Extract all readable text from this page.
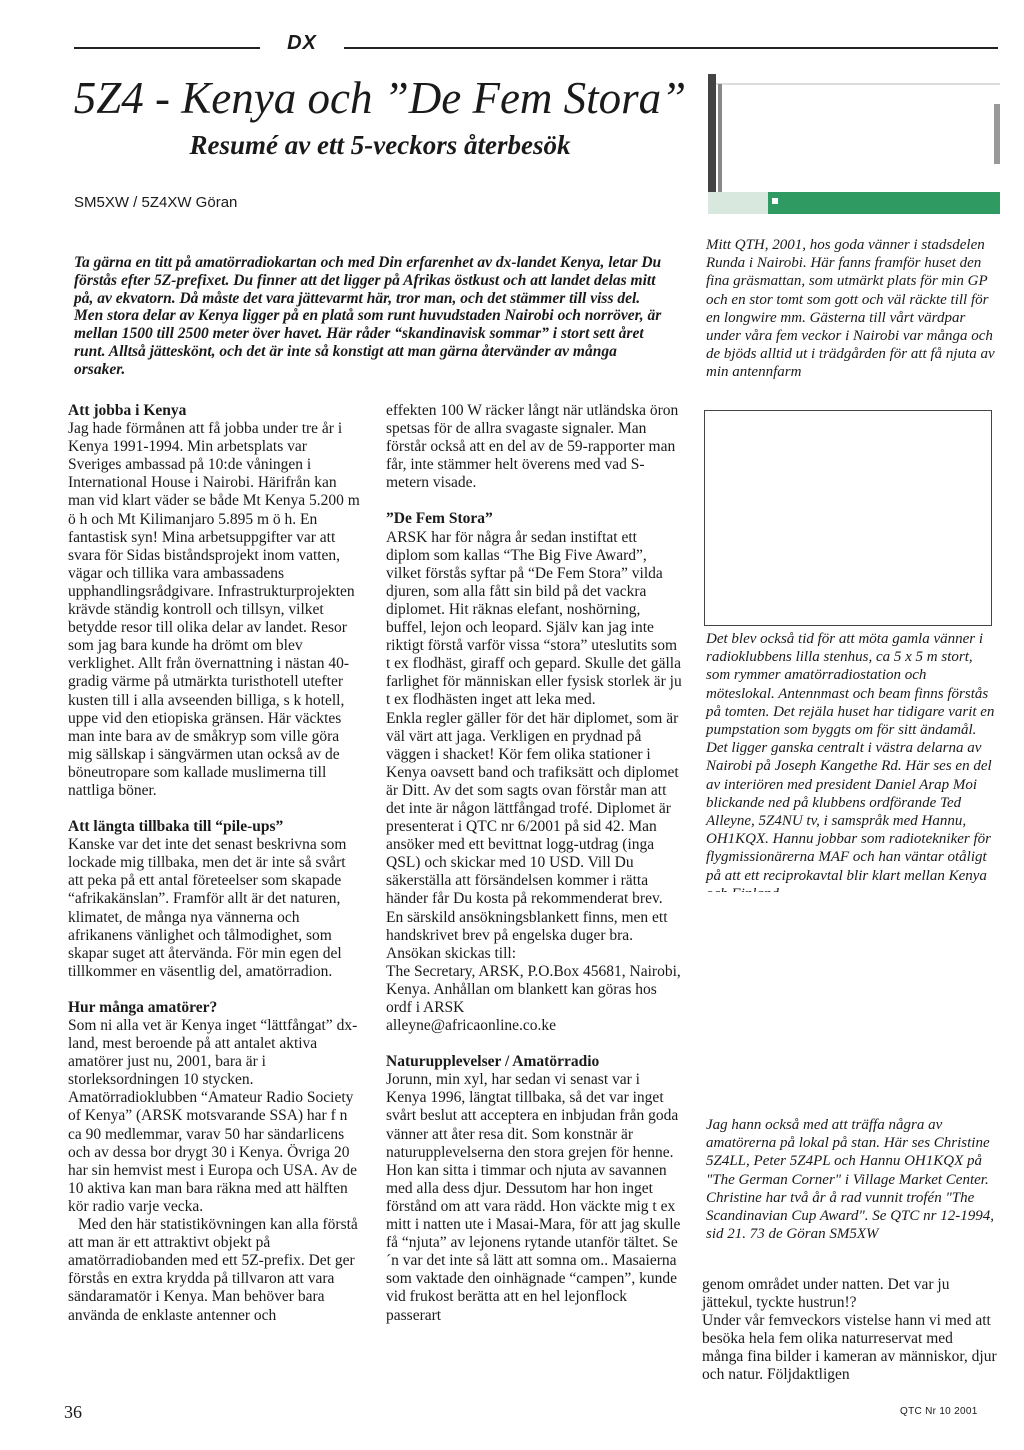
DX
5Z4 - Kenya och ”De Fem Stora”
Resumé av ett 5-veckors återbesök
SM5XW / 5Z4XW Göran
Ta gärna en titt på amatörradiokartan och med Din erfarenhet av dx-landet Kenya, letar Du förstås efter 5Z-prefixet. Du finner att det ligger på Afrikas östkust och att landet delas mitt på, av ekvatorn. Då måste det vara jättevarmt här, tror man, och det stämmer till viss del. Men stora delar av Kenya ligger på en platå som runt huvudstaden Nairobi och norröver, är mellan 1500 till 2500 meter över havet. Här råder “skandinavisk sommar” i stort sett året runt. Alltså jätteskönt, och det är inte så konstigt att man gärna återvänder av många orsaker.
Att jobba i Kenya

Jag hade förmånen att få jobba under tre år i Kenya 1991-1994. Min arbetsplats var Sveriges ambassad på 10:de våningen i International House i Nairobi. Härifrån kan man vid klart väder se både Mt Kenya 5.200 m ö h och Mt Kilimanjaro 5.895 m ö h. En fantastisk syn! Mina arbetsuppgifter var att svara för Sidas biståndsprojekt inom vatten, vägar och tillika vara ambassadens upphandlingsrådgivare. Infrastrukturprojekten krävde ständig kontroll och tillsyn, vilket betydde resor till olika delar av landet. Resor som jag bara kunde ha drömt om blev verklighet. Allt från övernattning i nästan 40-gradig värme på utmärkta turisthotell utefter kusten till i alla avseenden billiga, s k hotell, uppe vid den etiopiska gränsen. Här väcktes man inte bara av de småkryp som ville göra mig sällskap i sängvärmen utan också av de böneutropare som kallade muslimerna till nattliga böner.

Att längta tillbaka till “pile-ups”

Kanske var det inte det senast beskrivna som lockade mig tillbaka, men det är inte så svårt att peka på ett antal företeelser som skapade “afrikakänslan”. Framför allt är det naturen, klimatet, de många nya vännerna och afrikanens vänlighet och tålmodighet, som skapar suget att återvända. För min egen del tillkommer en väsentlig del, amatörradion.

Hur många amatörer?

Som ni alla vet är Kenya inget “lättfångat” dx-land, mest beroende på att antalet aktiva amatörer just nu, 2001, bara är i storleksordningen 10 stycken. Amatörradioklubben “Amateur Radio Society of Kenya” (ARSK motsvarande SSA) har f n ca 90 medlemmar, varav 50 har sändarlicens och av dessa bor drygt 30 i Kenya. Övriga 20 har sin hemvist mest i Europa och USA. Av de 10 aktiva kan man bara räkna med att hälften kör radio varje vecka.

Med den här statistikövningen kan alla förstå att man är ett attraktivt objekt på amatörradiobanden med ett 5Z-prefix. Det ger förstås en extra krydda på tillvaron att vara sändaramatör i Kenya. Man behöver bara använda de enklaste antenner och

effekten 100 W räcker långt när utländska öron spetsas för de allra svagaste signaler. Man förstår också att en del av de 59-rapporter man får, inte stämmer helt överens med vad S-metern visade.

”De Fem Stora”

ARSK har för några år sedan instiftat ett diplom som kallas “The Big Five Award”, vilket förstås syftar på “De Fem Stora” vilda djuren, som alla fått sin bild på det vackra diplomet. Hit räknas elefant, noshörning, buffel, lejon och leopard. Själv kan jag inte riktigt förstå varför vissa “stora” uteslutits som t ex flodhäst, giraff och gepard. Skulle det gälla farlighet för människan eller fysisk storlek är ju t ex flodhästen inget att leka med.

Enkla regler gäller för det här diplomet, som är väl värt att jaga. Verkligen en prydnad på väggen i shacket! Kör fem olika stationer i Kenya oavsett band och trafiksätt och diplomet är Ditt. Av det som sagts ovan förstår man att det inte är någon lättfångad trofé. Diplomet är presenterat i QTC nr 6/2001 på sid 42. Man ansöker med ett bevittnat logg-utdrag (inga QSL) och skickar med 10 USD. Vill Du säkerställa att försändelsen kommer i rätta händer får Du kosta på rekommenderat brev. En särskild ansökningsblankett finns, men ett handskrivet brev på engelska duger bra. Ansökan skickas till:

The Secretary, ARSK, P.O.Box 45681, Nairobi, Kenya. Anhållan om blankett kan göras hos ordf i ARSK

alleyne@africaonline.co.ke

Naturupplevelser / Amatörradio

Jorunn, min xyl, har sedan vi senast var i Kenya 1996, längtat tillbaka, så det var inget svårt beslut att acceptera en inbjudan från goda vänner att åter resa dit. Som konstnär är naturupplevelserna den stora grejen för henne. Hon kan sitta i timmar och njuta av savannen med alla dess djur. Dessutom har hon inget förstånd om att vara rädd. Hon väckte mig t ex mitt i natten ute i Masai-Mara, för att jag skulle få “njuta” av lejonens rytande utanför tältet. Se´n var det inte så lätt att somna om.. Masaierna som vaktade den oinhägnade “campen”, kunde vid frukost berätta att en hel lejonflock passerart

Mitt QTH, 2001, hos goda vänner i stadsdelen Runda i Nairobi. Här fanns framför huset den fina gräsmattan, som utmärkt plats för min GP och en stor tomt som gott och väl räckte till för en longwire mm. Gästerna till vårt värdpar under våra fem veckor i Nairobi var många och de bjöds alltid ut i trädgården för att få njuta av min antennfarm
Det blev också tid för att möta gamla vänner i radioklubbens lilla stenhus, ca 5 x 5 m stort, som rymmer amatörradiostation och möteslokal. Antennmast och beam finns förstås på tomten. Det rejäla huset har tidigare varit en pumpstation som byggts om för sitt ändamål. Det ligger ganska centralt i västra delarna av Nairobi på Joseph Kangethe Rd. Här ses en del av interiören med president Daniel Arap Moi blickande ned på klubbens ordförande Ted Alleyne, 5Z4NU tv, i samspråk med Hannu, OH1KQX. Hannu jobbar som radiotekniker för flygmissionärerna MAF och han väntar otåligt på att ett reciprokavtal blir klart mellan Kenya
Jag hann också med att träffa några av amatörerna på lokal på stan. Här ses Christine 5Z4LL, Peter 5Z4PL och Hannu OH1KQX på "The German Corner" i Village Market Center. Christine har två år å rad vunnit trofén "The Scandinavian Cup Award". Se QTC nr 12-1994, sid 21. 73 de Göran SM5XW

genom området under natten. Det var ju jättekul, tyckte hustrun!?

Under vår femveckors vistelse hann vi med att besöka hela fem olika naturreservat med många fina bilder i kameran av människor, djur och natur. Följdaktligen

36	QTC Nr 10 2001
